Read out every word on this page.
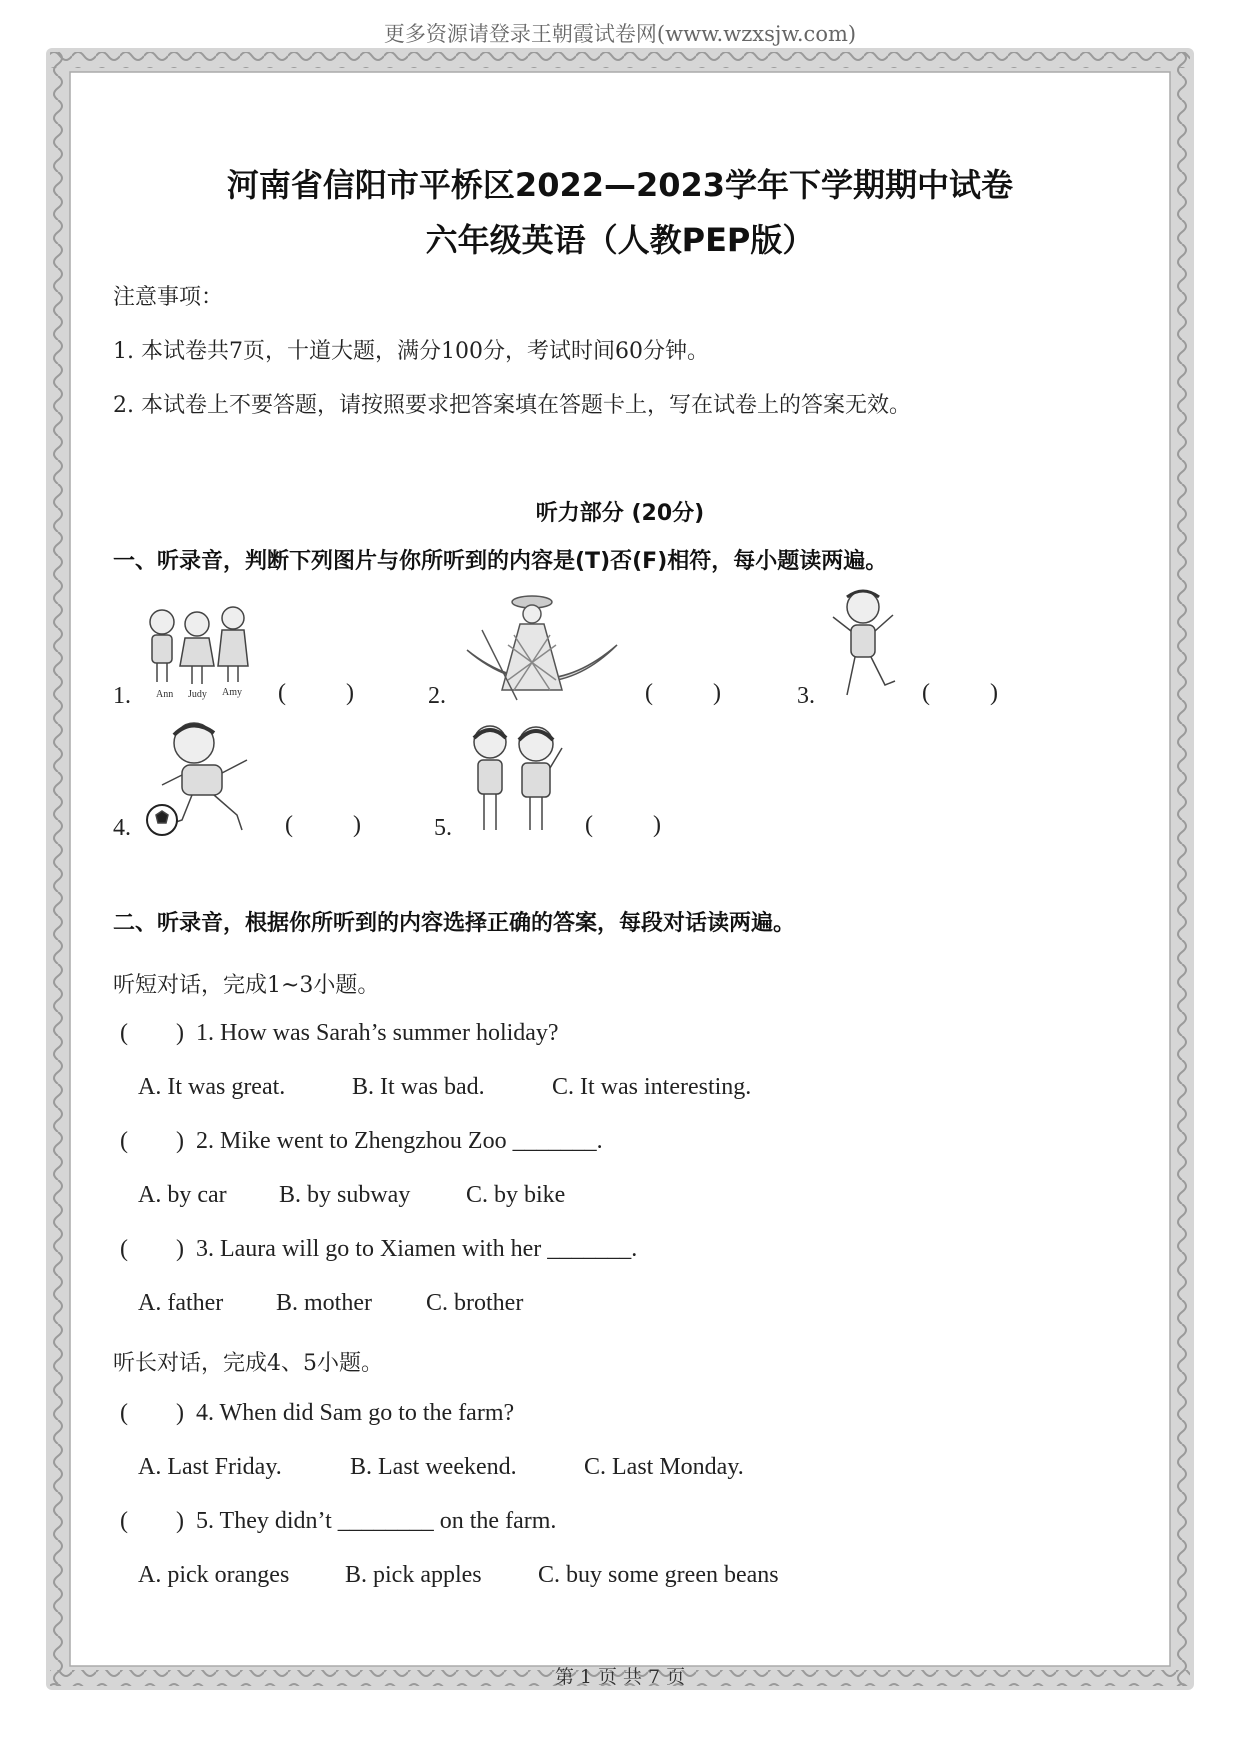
更多资源请登录王朝霞试卷网(www.wzxsjw.com)
河南省信阳市平桥区2022—2023学年下学期期中试卷
六年级英语（人教PEP版）
注意事项：
1. 本试卷共7页，十道大题，满分100分，考试时间60分钟。
2. 本试卷上不要答题，请按照要求把答案填在答题卡上，写在试卷上的答案无效。
听力部分 (20分)
一、听录音，判断下列图片与你所听到的内容是(T)否(F)相符，每小题读两遍。
1.	Ann Judy Amy (          )	2.	(          )	3.	(          )
4.	(          )	5.	(          )
二、听录音，根据你所听到的内容选择正确的答案，每段对话读两遍。
听短对话，完成1~3小题。
(        )  1. How was Sarah’s summer holiday?
A. It was great.	B. It was bad.	C. It was interesting.
(        )  2. Mike went to Zhengzhou Zoo _______.
A. by car B. by subway C. by bike
(        )  3. Laura will go to Xiamen with her _______.
A. father B. mother C. brother
听长对话，完成4、5小题。
(        )  4. When did Sam go to the farm?
A. Last Friday.	B. Last weekend.	C. Last Monday.
(        )  5. They didn’t ________ on the farm.
A. pick oranges B. pick apples C. buy some green beans
第 1 页 共 7 页
